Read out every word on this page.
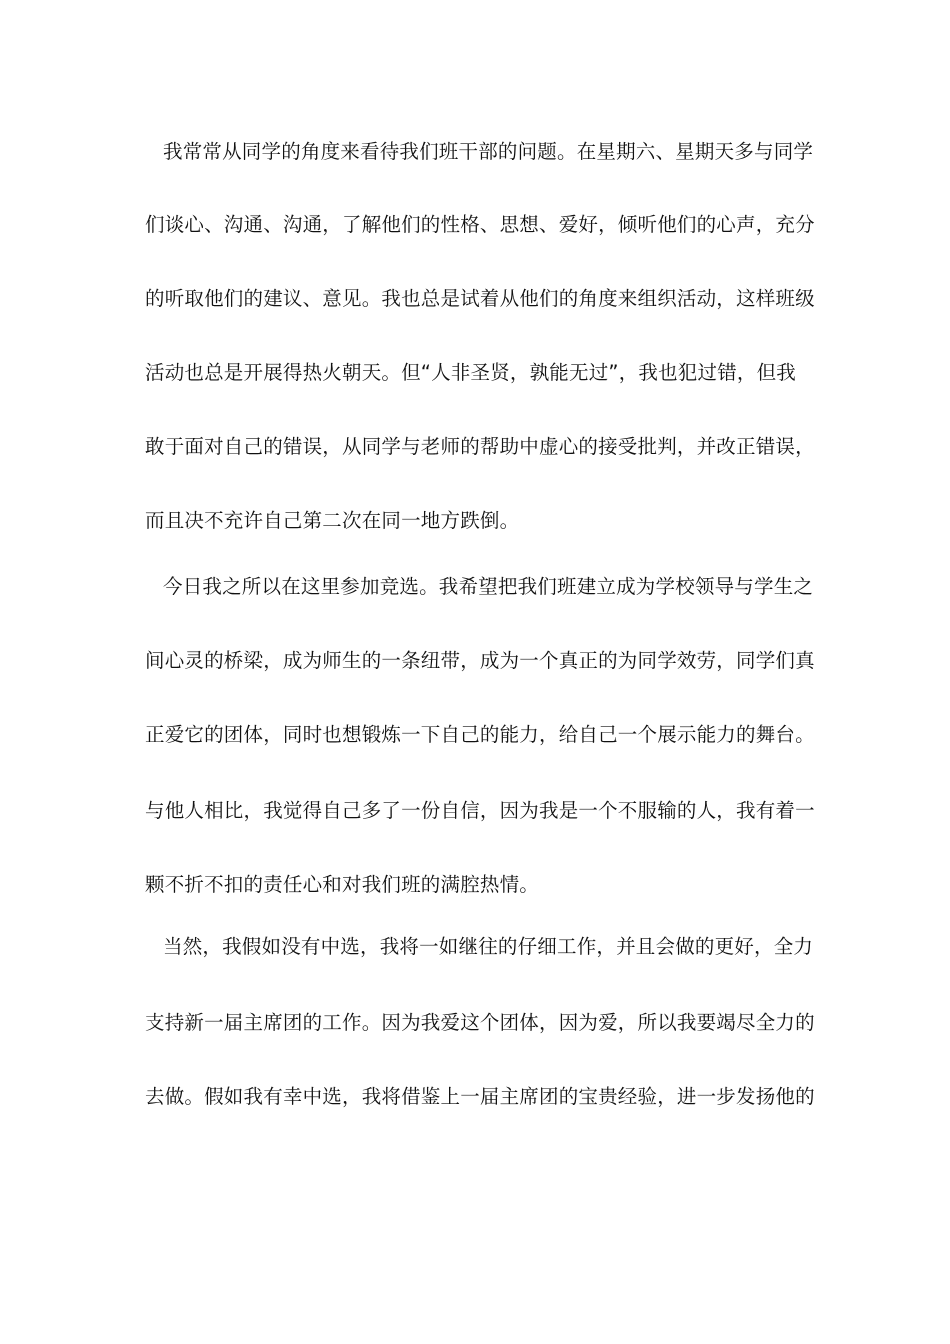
我常常从同学的角度来看待我们班干部的问题。在星期六、星期天多与同学
们谈心、沟通、沟通，了解他们的性格、思想、爱好，倾听他们的心声，充分
的听取他们的建议、意见。我也总是试着从他们的角度来组织活动，这样班级
活动也总是开展得热火朝天。但“人非圣贤，孰能无过”，我也犯过错，但我
敢于面对自己的错误，从同学与老师的帮助中虚心的接受批判，并改正错误，
而且决不充许自己第二次在同一地方跌倒。
今日我之所以在这里参加竞选。我希望把我们班建立成为学校领导与学生之
间心灵的桥梁，成为师生的一条纽带，成为一个真正的为同学效劳，同学们真
正爱它的团体，同时也想锻炼一下自己的能力，给自己一个展示能力的舞台。
与他人相比，我觉得自己多了一份自信，因为我是一个不服输的人，我有着一
颗不折不扣的责任心和对我们班的满腔热情。
当然，我假如没有中选，我将一如继往的仔细工作，并且会做的更好，全力
支持新一届主席团的工作。因为我爱这个团体，因为爱，所以我要竭尽全力的
去做。假如我有幸中选，我将借鉴上一届主席团的宝贵经验，进一步发扬他的
